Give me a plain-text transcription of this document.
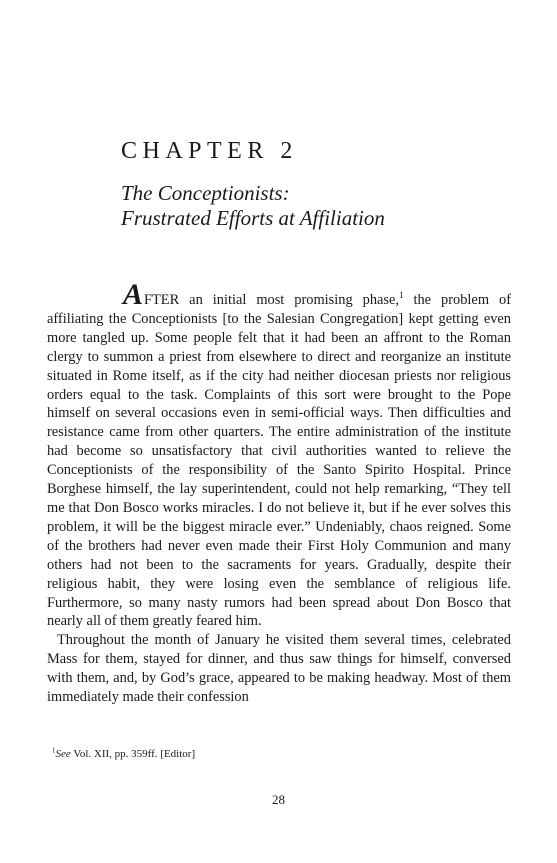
CHAPTER 2
The Conceptionists:
Frustrated Efforts at Affiliation

AFTER an initial most promising phase,$^1$ the problem of affiliating the Conceptionists [to the Salesian Congregation] kept getting even more tangled up. Some people felt that it had been an affront to the Roman clergy to summon a priest from elsewhere to direct and reorganize an institute situated in Rome itself, as if the city had neither diocesan priests nor religious orders equal to the task. Complaints of this sort were brought to the Pope himself on several occasions even in semi-official ways. Then difficulties and resistance came from other quarters. The entire administration of the institute had become so unsatisfactory that civil authorities wanted to relieve the Conceptionists of the responsibility of the Santo Spirito Hospital. Prince Borghese himself, the lay superintendent, could not help remarking, “They tell me that Don Bosco works miracles. I do not believe it, but if he ever solves this problem, it will be the biggest miracle ever.” Undeniably, chaos reigned. Some of the brothers had never even made their First Holy Communion and many others had not been to the sacraments for years. Gradually, despite their religious habit, they were losing even the semblance of religious life. Furthermore, so many nasty rumors had been spread about Don Bosco that nearly all of them greatly feared him.

Throughout the month of January he visited them several times, celebrated Mass for them, stayed for dinner, and thus saw things for himself, conversed with them, and, by God’s grace, appeared to be making headway. Most of them immediately made their confession

$^1$See Vol. XII, pp. 359ff. [Editor]
28
